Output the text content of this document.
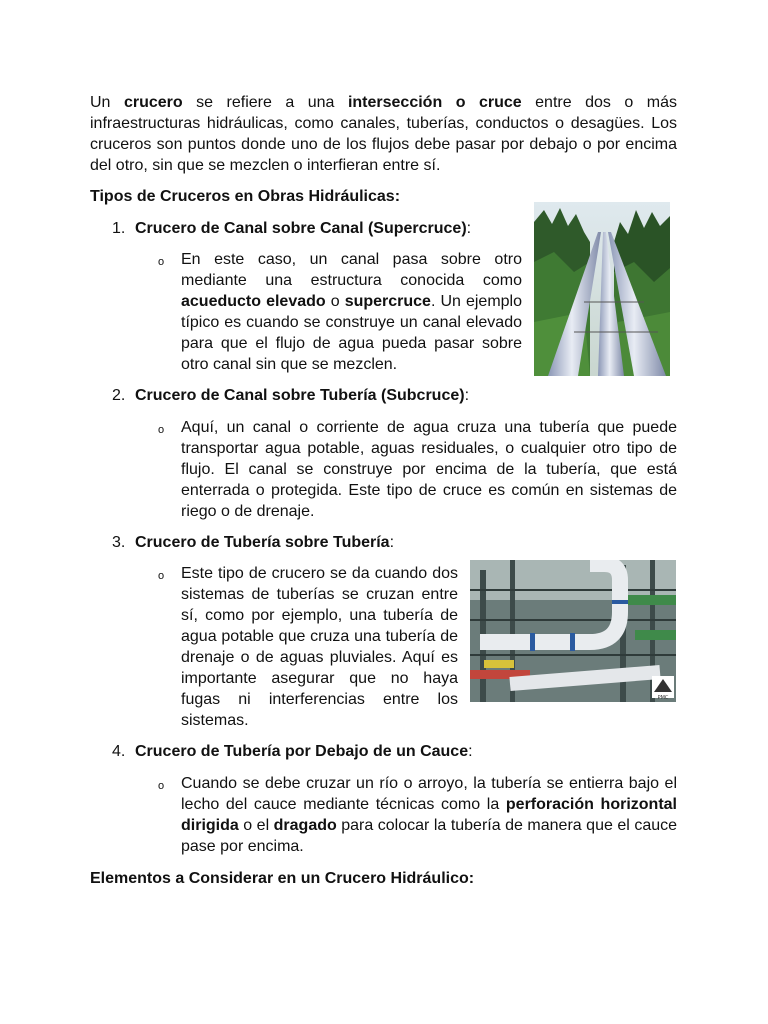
Un crucero se refiere a una intersección o cruce entre dos o más infraestructuras hidráulicas, como canales, tuberías, conductos o desagües. Los cruceros son puntos donde uno de los flujos debe pasar por debajo o por encima del otro, sin que se mezclen o interfieran entre sí.

Tipos de Cruceros en Obras Hidráulicas:

1. Crucero de Canal sobre Canal (Supercruce):

o En este caso, un canal pasa sobre otro mediante una estructura conocida como acueducto elevado o supercruce. Un ejemplo típico es cuando se construye un canal elevado para que el flujo de agua pueda pasar sobre otro canal sin que se mezclen.

2. Crucero de Canal sobre Tubería (Subcruce):

o Aquí, un canal o corriente de agua cruza una tubería que puede transportar agua potable, aguas residuales, o cualquier otro tipo de flujo. El canal se construye por encima de la tubería, que está enterrada o protegida. Este tipo de cruce es común en sistemas de riego o de drenaje.

3. Crucero de Tubería sobre Tubería:

o Este tipo de crucero se da cuando dos sistemas de tuberías se cruzan entre sí, como por ejemplo, una tubería de agua potable que cruza una tubería de drenaje o de aguas pluviales. Aquí es importante asegurar que no haya fugas ni interferencias entre los sistemas.

PMC

4. Crucero de Tubería por Debajo de un Cauce:

o Cuando se debe cruzar un río o arroyo, la tubería se entierra bajo el lecho del cauce mediante técnicas como la perforación horizontal dirigida o el dragado para colocar la tubería de manera que el cauce pase por encima.

Elementos a Considerar en un Crucero Hidráulico:
